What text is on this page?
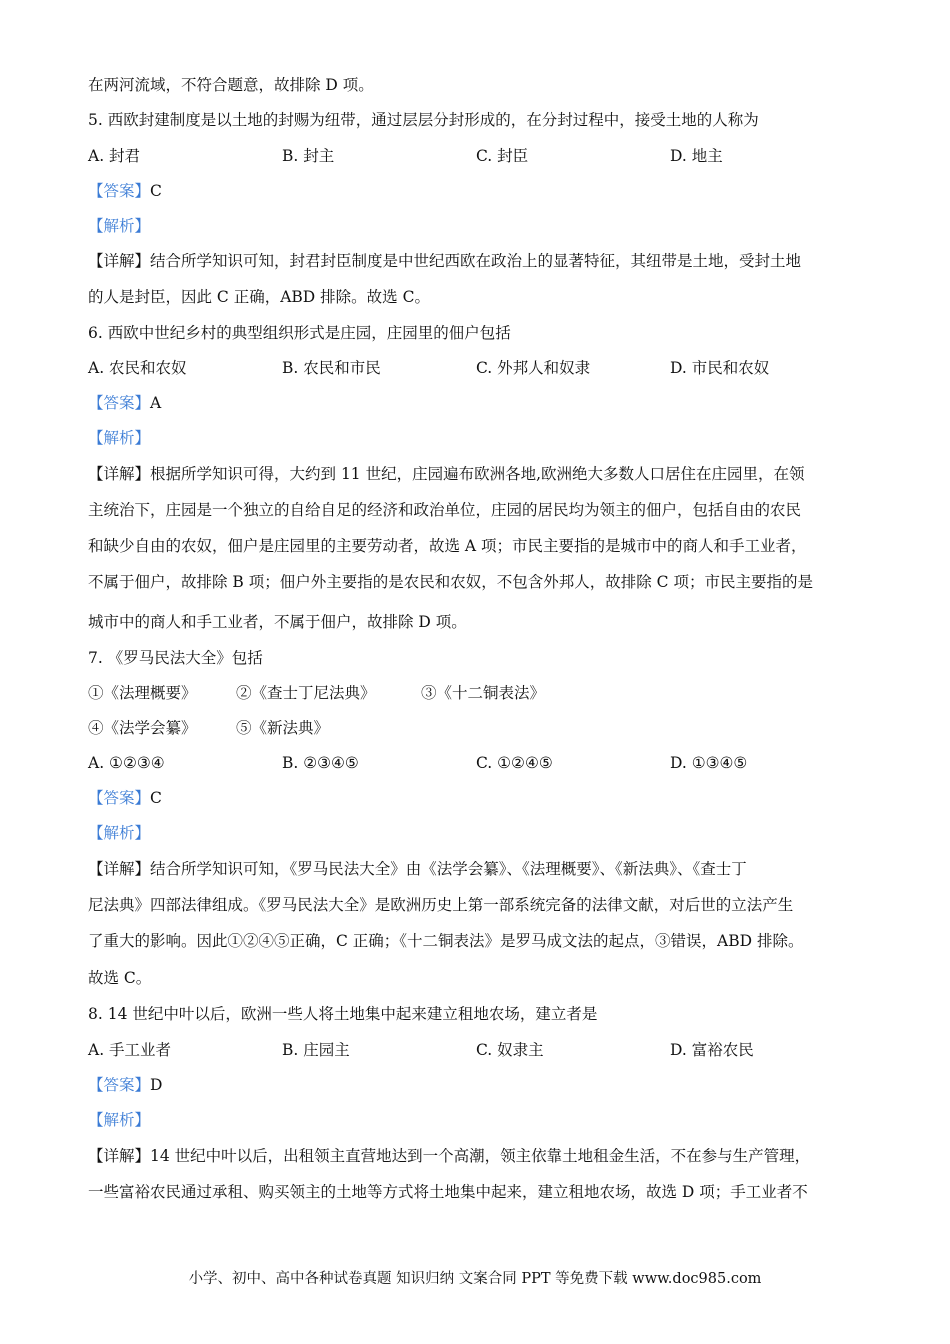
在两河流域，不符合题意，故排除 D 项。
5. 西欧封建制度是以土地的封赐为纽带，通过层层分封形成的，在分封过程中，接受土地的人称为
A. 封君	B. 封主	C. 封臣	D. 地主
【答案】C
【解析】
【详解】结合所学知识可知，封君封臣制度是中世纪西欧在政治上的显著特征，其纽带是土地，受封土地
的人是封臣，因此 C 正确，ABD 排除。故选 C。
6. 西欧中世纪乡村的典型组织形式是庄园，庄园里的佃户包括
A. 农民和农奴	B. 农民和市民	C. 外邦人和奴隶	D. 市民和农奴
【答案】A
【解析】
【详解】根据所学知识可得，大约到 11 世纪，庄园遍布欧洲各地,欧洲绝大多数人口居住在庄园里，在领
主统治下，庄园是一个独立的自给自足的经济和政治单位，庄园的居民均为领主的佃户，包括自由的农民
和缺少自由的农奴，佃户是庄园里的主要劳动者，故选 A 项；市民主要指的是城市中的商人和手工业者，
不属于佃户，故排除 B 项；佃户外主要指的是农民和农奴，不包含外邦人，故排除 C 项；市民主要指的是
城市中的商人和手工业者，不属于佃户，故排除 D 项。
7. 《罗马民法大全》包括
①《法理概要》	②《查士丁尼法典》	③《十二铜表法》
④《法学会纂》	⑤《新法典》
A. ①②③④	B. ②③④⑤	C. ①②④⑤	D. ①③④⑤
【答案】C
【解析】
【详解】结合所学知识可知，《罗马民法大全》由《法学会纂》、《法理概要》、《新法典》、《查士丁
尼法典》四部法律组成。《罗马民法大全》是欧洲历史上第一部系统完备的法律文献，对后世的立法产生
了重大的影响。因此①②④⑤正确，C 正确；《十二铜表法》是罗马成文法的起点，③错误，ABD 排除。
故选 C。
8. 14 世纪中叶以后，欧洲一些人将土地集中起来建立租地农场，建立者是
A. 手工业者	B. 庄园主	C. 奴隶主	D. 富裕农民
【答案】D
【解析】
【详解】14 世纪中叶以后，出租领主直营地达到一个高潮，领主依靠土地租金生活，不在参与生产管理，
一些富裕农民通过承租、购买领主的土地等方式将土地集中起来，建立租地农场，故选 D 项；手工业者不
小学、初中、高中各种试卷真题 知识归纳 文案合同 PPT 等免费下载 www.doc985.com
